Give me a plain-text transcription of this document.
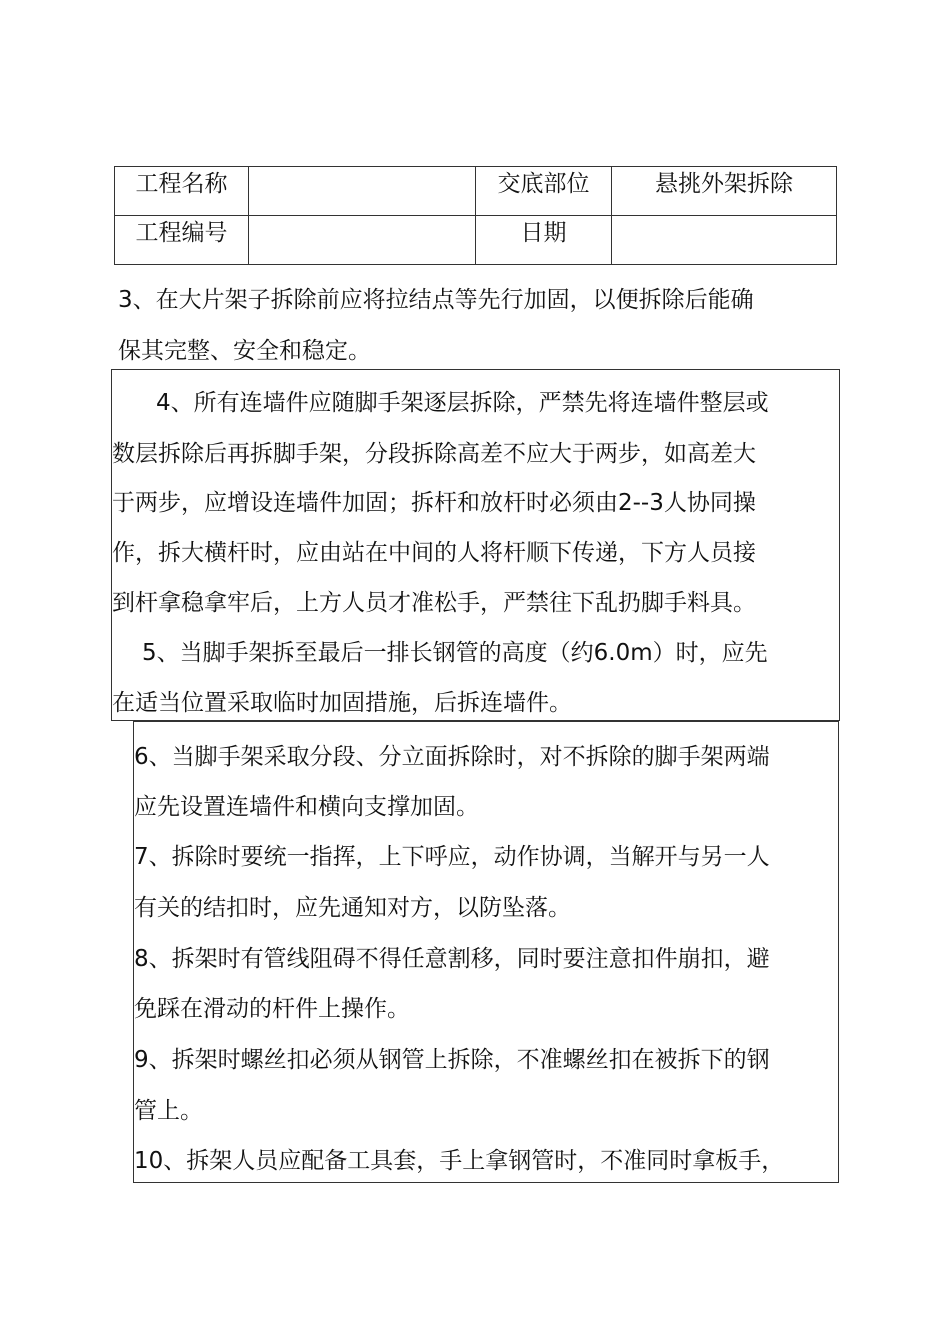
工程名称		交底部位	悬挑外架拆除
工程编号		日期	

3、在大片架子拆除前应将拉结点等先行加固，以便拆除后能确

保其完整、安全和稳定。

4、所有连墙件应随脚手架逐层拆除，严禁先将连墙件整层或
数层拆除后再拆脚手架，分段拆除高差不应大于两步，如高差大
于两步，应增设连墙件加固；拆杆和放杆时必须由2--3人协同操
作，拆大横杆时，应由站在中间的人将杆顺下传递，下方人员接
到杆拿稳拿牢后，上方人员才准松手，严禁往下乱扔脚手料具。
5、当脚手架拆至最后一排长钢管的高度（约6.0m）时，应先
在适当位置采取临时加固措施，后拆连墙件。
6、当脚手架采取分段、分立面拆除时，对不拆除的脚手架两端
应先设置连墙件和横向支撑加固。
7、拆除时要统一指挥，上下呼应，动作协调，当解开与另一人
有关的结扣时，应先通知对方，以防坠落。
8、拆架时有管线阻碍不得任意割移，同时要注意扣件崩扣，避
免踩在滑动的杆件上操作。
9、拆架时螺丝扣必须从钢管上拆除，不准螺丝扣在被拆下的钢
管上。
10、拆架人员应配备工具套，手上拿钢管时，不准同时拿板手，
